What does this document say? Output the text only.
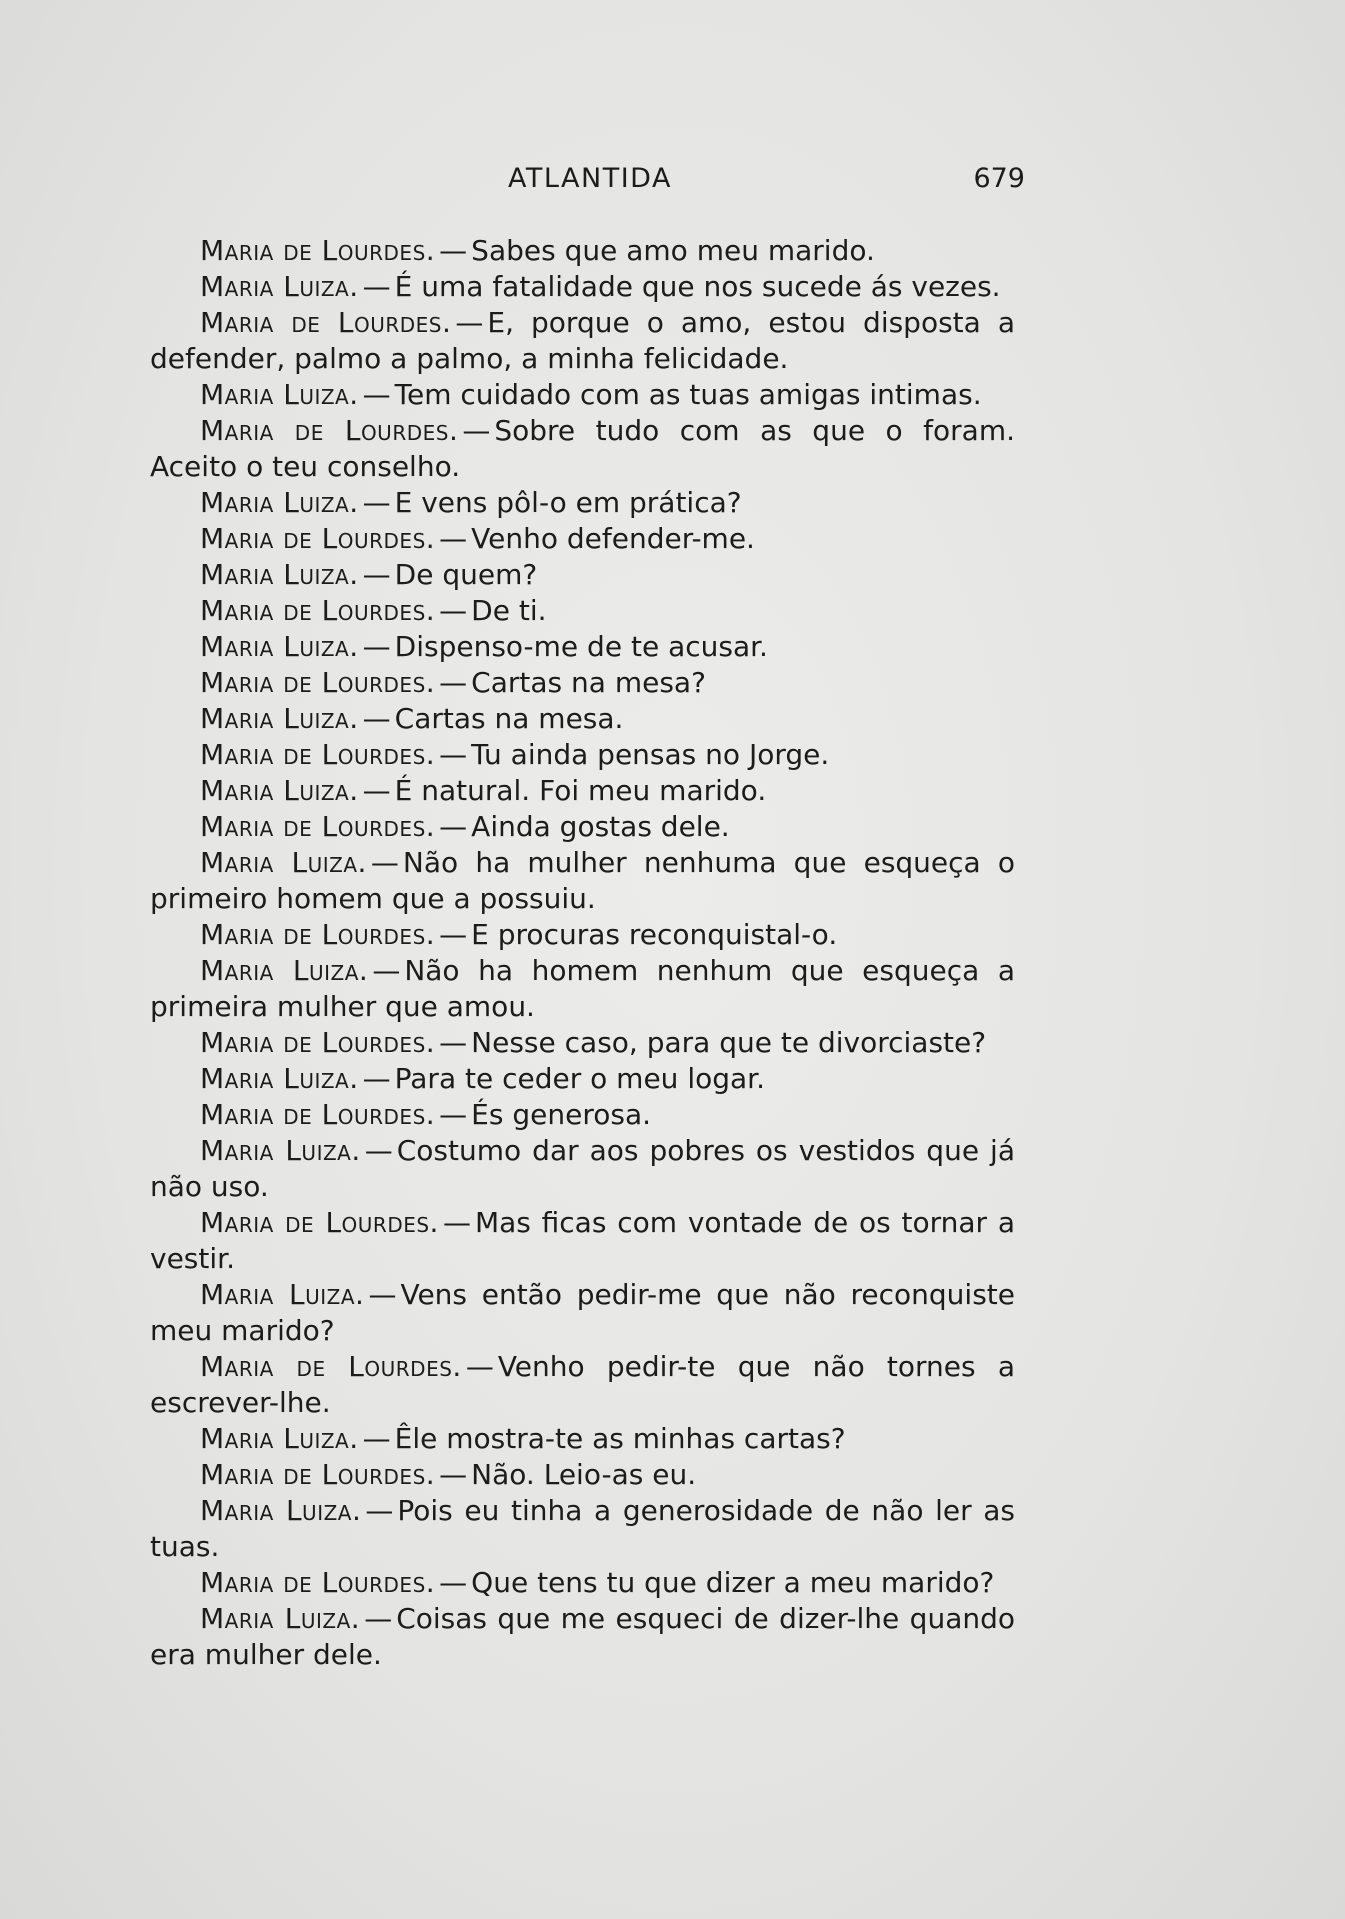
ATLANTIDA	679

Maria de Lourdes. — Sabes que amo meu marido.

Maria Luiza. — É uma fatalidade que nos sucede ás vezes.

Maria de Lourdes. — E, porque o amo, estou disposta a defender, palmo a palmo, a minha felicidade.

Maria Luiza. — Tem cuidado com as tuas amigas intimas.

Maria de Lourdes. — Sobre tudo com as que o foram. Aceito o teu conselho.

Maria Luiza. — E vens pôl-o em prática?

Maria de Lourdes. — Venho defender-me.

Maria Luiza. — De quem?

Maria de Lourdes. — De ti.

Maria Luiza. — Dispenso-me de te acusar.

Maria de Lourdes. — Cartas na mesa?

Maria Luiza. — Cartas na mesa.

Maria de Lourdes. — Tu ainda pensas no Jorge.

Maria Luiza. — É natural. Foi meu marido.

Maria de Lourdes. — Ainda gostas dele.

Maria Luiza. — Não ha mulher nenhuma que esqueça o primeiro homem que a possuiu.

Maria de Lourdes. — E procuras reconquistal-o.

Maria Luiza. — Não ha homem nenhum que esqueça a primeira mulher que amou.

Maria de Lourdes. — Nesse caso, para que te divorciaste?

Maria Luiza. — Para te ceder o meu logar.

Maria de Lourdes. — És generosa.

Maria Luiza. — Costumo dar aos pobres os vestidos que já não uso.

Maria de Lourdes. — Mas ficas com vontade de os tornar a vestir.

Maria Luiza. — Vens então pedir-me que não reconquiste meu marido?

Maria de Lourdes. — Venho pedir-te que não tornes a escrever-lhe.

Maria Luiza. — Êle mostra-te as minhas cartas?

Maria de Lourdes. — Não. Leio-as eu.

Maria Luiza. — Pois eu tinha a generosidade de não ler as tuas.

Maria de Lourdes. — Que tens tu que dizer a meu marido?

Maria Luiza. — Coisas que me esqueci de dizer-lhe quando era mulher dele.
